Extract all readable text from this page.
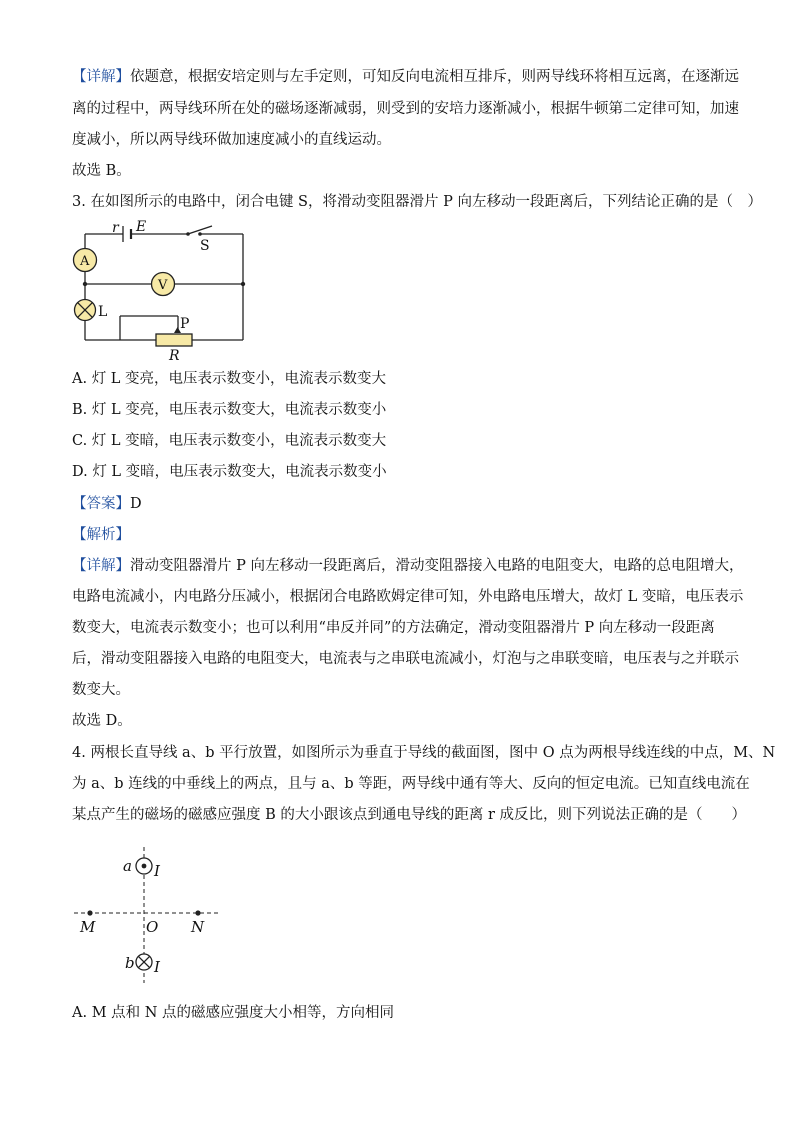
【详解】依题意，根据安培定则与左手定则，可知反向电流相互排斥，则两导线环将相互远离，在逐渐远
离的过程中，两导线环所在处的磁场逐渐减弱，则受到的安培力逐渐减小，根据牛顿第二定律可知，加速
度减小，所以两导线环做加速度减小的直线运动。
故选 B。
3. 在如图所示的电路中，闭合电键 S，将滑动变阻器滑片 P 向左移动一段距离后，下列结论正确的是（　）
r E
S
A
V
L
P
R
A. 灯 L 变亮，电压表示数变小，电流表示数变大
B. 灯 L 变亮，电压表示数变大，电流表示数变小
C. 灯 L 变暗，电压表示数变小，电流表示数变大
D. 灯 L 变暗，电压表示数变大，电流表示数变小
【答案】D
【解析】
【详解】滑动变阻器滑片 P 向左移动一段距离后，滑动变阻器接入电路的电阻变大，电路的总电阻增大，
电路电流减小，内电路分压减小，根据闭合电路欧姆定律可知，外电路电压增大，故灯 L 变暗，电压表示
数变大，电流表示数变小；也可以利用“串反并同”的方法确定，滑动变阻器滑片 P 向左移动一段距离
后，滑动变阻器接入电路的电阻变大，电流表与之串联电流减小，灯泡与之串联变暗，电压表与之并联示
数变大。
故选 D。
4. 两根长直导线 a、b 平行放置，如图所示为垂直于导线的截面图，图中 O 点为两根导线连线的中点，M、N
为 a、b 连线的中垂线上的两点，且与 a、b 等距，两导线中通有等大、反向的恒定电流。已知直线电流在
某点产生的磁场的磁感应强度 B 的大小跟该点到通电导线的距离 r 成反比，则下列说法正确的是（　　）
a I
M	O N
b I
A. M 点和 N 点的磁感应强度大小相等，方向相同
